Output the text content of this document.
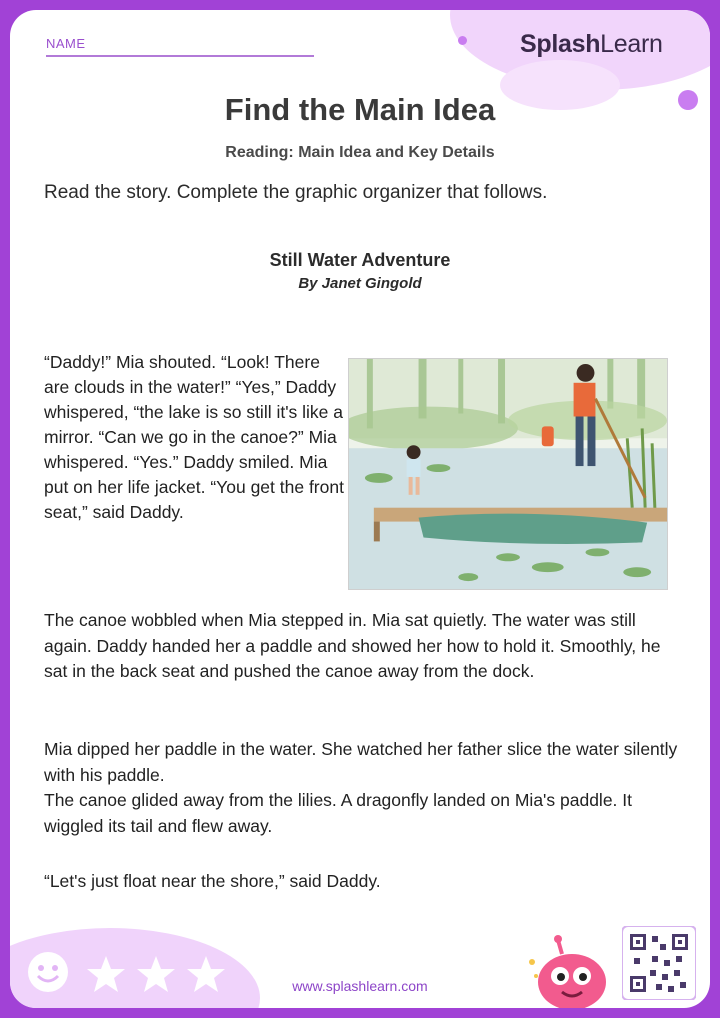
NAME	SplashLearn
Find the Main Idea
Reading: Main Idea and Key Details
Read the story. Complete the graphic organizer that follows.
Still Water Adventure
By Janet Gingold
“Daddy!” Mia shouted. “Look! There are clouds in the water!” “Yes,” Daddy whispered, “the lake is so still it's like a mirror. “Can we go in the canoe?” Mia whispered. “Yes.” Daddy smiled. Mia put on her life jacket. “You get the front seat,” said Daddy.
The canoe wobbled when Mia stepped in. Mia sat quietly. The water was still again. Daddy handed her a paddle and showed her how to hold it. Smoothly, he sat in the back seat and pushed the canoe away from the dock.
Mia dipped her paddle in the water. She watched her father slice the water silently with his paddle.
The canoe glided away from the lilies. A dragonfly landed on Mia's paddle. It wiggled its tail and flew away.
“Let's just float near the shore,” said Daddy.
www.splashlearn.com
